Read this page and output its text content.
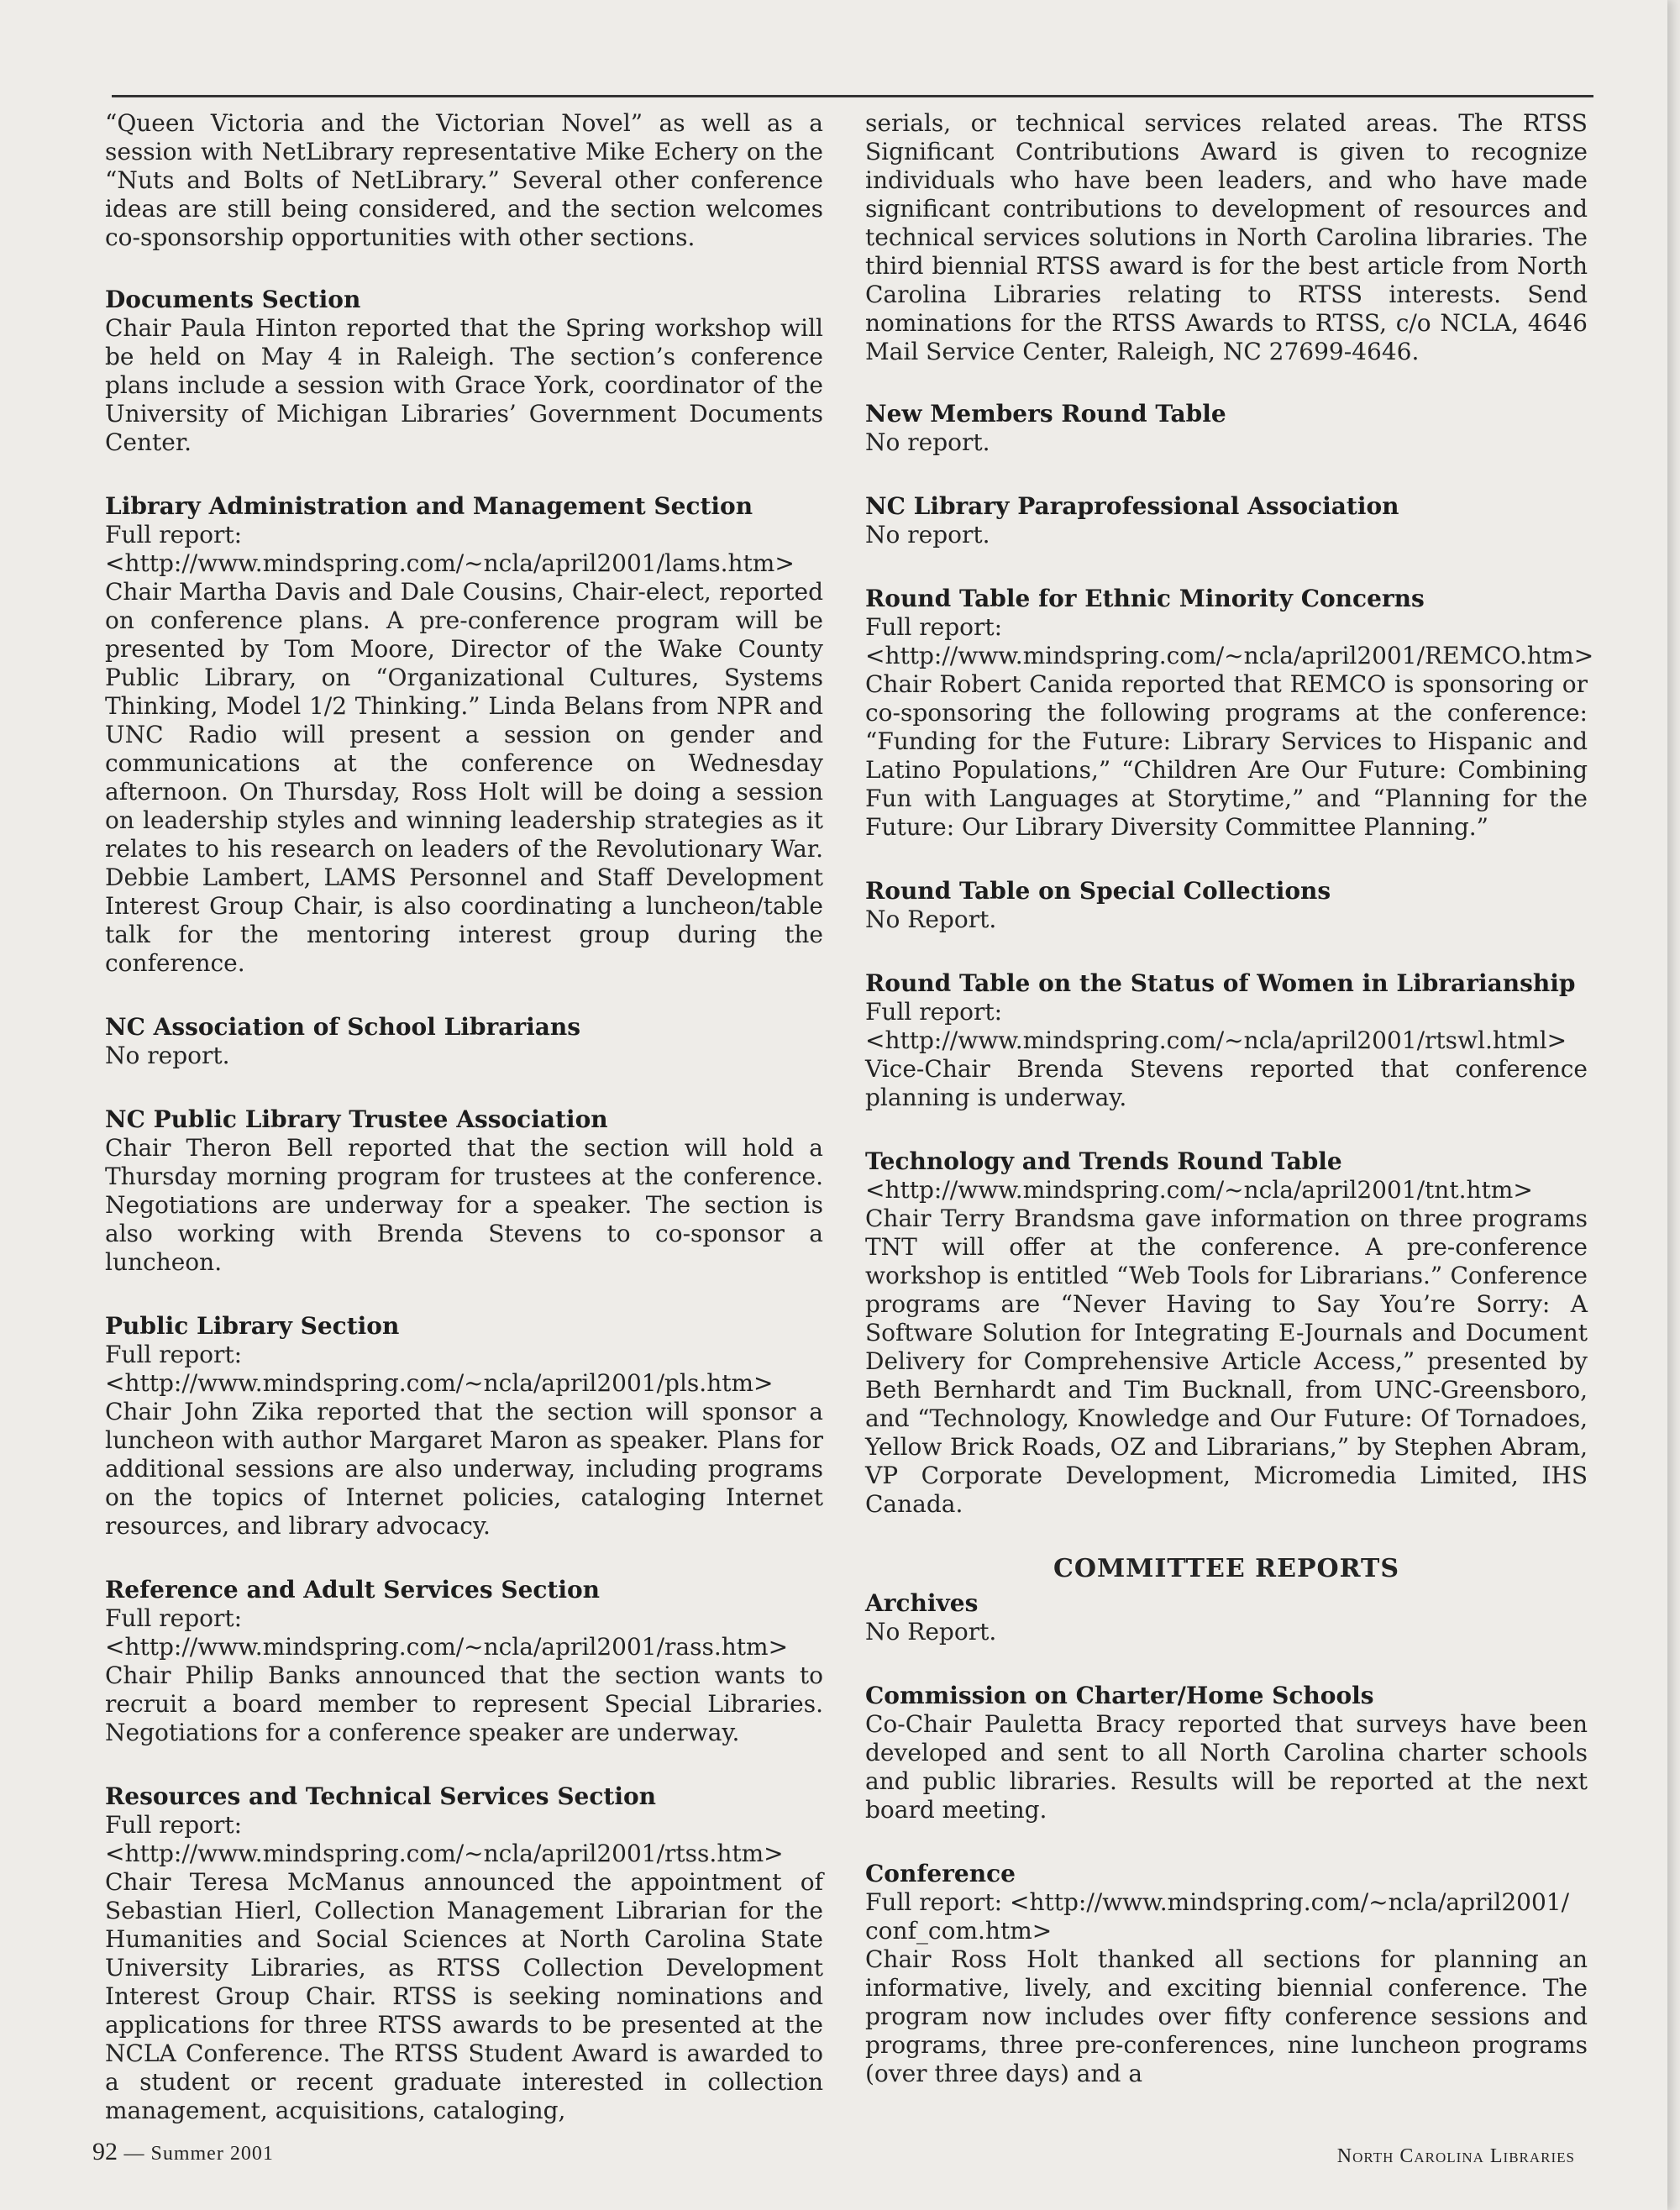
“Queen Victoria and the Victorian Novel” as well as a session with NetLibrary representative Mike Echery on the “Nuts and Bolts of NetLibrary.” Several other conference ideas are still being considered, and the section welcomes co-sponsorship opportunities with other sections.

Documents Section

Chair Paula Hinton reported that the Spring workshop will be held on May 4 in Raleigh. The section’s conference plans include a session with Grace York, coordinator of the University of Michigan Libraries’ Government Documents Center.

Library Administration and Management Section

Full report:

<http://www.mindspring.com/~ncla/april2001/lams.htm>

Chair Martha Davis and Dale Cousins, Chair-elect, reported on conference plans. A pre-conference program will be presented by Tom Moore, Director of the Wake County Public Library, on “Organizational Cultures, Systems Thinking, Model 1/2 Thinking.” Linda Belans from NPR and UNC Radio will present a session on gender and communications at the conference on Wednesday afternoon. On Thursday, Ross Holt will be doing a session on leadership styles and winning leadership strategies as it relates to his research on leaders of the Revolutionary War. Debbie Lambert, LAMS Personnel and Staff Development Interest Group Chair, is also coordinating a luncheon/table talk for the mentoring interest group during the conference.

NC Association of School Librarians

No report.

NC Public Library Trustee Association

Chair Theron Bell reported that the section will hold a Thursday morning program for trustees at the conference. Negotiations are underway for a speaker. The section is also working with Brenda Stevens to co-sponsor a luncheon.

Public Library Section

Full report:

<http://www.mindspring.com/~ncla/april2001/pls.htm>

Chair John Zika reported that the section will sponsor a luncheon with author Margaret Maron as speaker. Plans for additional sessions are also underway, including programs on the topics of Internet policies, cataloging Internet resources, and library advocacy.

Reference and Adult Services Section

Full report:

<http://www.mindspring.com/~ncla/april2001/rass.htm>

Chair Philip Banks announced that the section wants to recruit a board member to represent Special Libraries. Negotiations for a conference speaker are underway.

Resources and Technical Services Section

Full report:

<http://www.mindspring.com/~ncla/april2001/rtss.htm>

Chair Teresa McManus announced the appointment of Sebastian Hierl, Collection Management Librarian for the Humanities and Social Sciences at North Carolina State University Libraries, as RTSS Collection Development Interest Group Chair. RTSS is seeking nominations and applications for three RTSS awards to be presented at the NCLA Conference. The RTSS Student Award is awarded to a student or recent graduate interested in collection management, acquisitions, cataloging,

serials, or technical services related areas. The RTSS Significant Contributions Award is given to recognize individuals who have been leaders, and who have made significant contributions to development of resources and technical services solutions in North Carolina libraries. The third biennial RTSS award is for the best article from North Carolina Libraries relating to RTSS interests. Send nominations for the RTSS Awards to RTSS, c/o NCLA, 4646 Mail Service Center, Raleigh, NC 27699-4646.

New Members Round Table

No report.

NC Library Paraprofessional Association

No report.

Round Table for Ethnic Minority Concerns

Full report:

<http://www.mindspring.com/~ncla/april2001/REMCO.htm>

Chair Robert Canida reported that REMCO is sponsoring or co-sponsoring the following programs at the conference: “Funding for the Future: Library Services to Hispanic and Latino Populations,” “Children Are Our Future: Combining Fun with Languages at Storytime,” and “Planning for the Future: Our Library Diversity Committee Planning.”

Round Table on Special Collections

No Report.

Round Table on the Status of Women in Librarianship

Full report:

<http://www.mindspring.com/~ncla/april2001/rtswl.html>

Vice-Chair Brenda Stevens reported that conference planning is underway.

Technology and Trends Round Table

<http://www.mindspring.com/~ncla/april2001/tnt.htm>

Chair Terry Brandsma gave information on three programs TNT will offer at the conference. A pre-conference workshop is entitled “Web Tools for Librarians.” Conference programs are “Never Having to Say You’re Sorry: A Software Solution for Integrating E-Journals and Document Delivery for Comprehensive Article Access,” presented by Beth Bernhardt and Tim Bucknall, from UNC-Greensboro, and “Technology, Knowledge and Our Future: Of Tornadoes, Yellow Brick Roads, OZ and Librarians,” by Stephen Abram, VP Corporate Development, Micromedia Limited, IHS Canada.

COMMITTEE REPORTS
Archives

No Report.

Commission on Charter/Home Schools

Co-Chair Pauletta Bracy reported that surveys have been developed and sent to all North Carolina charter schools and public libraries. Results will be reported at the next board meeting.

Conference

Full report: <http://www.mindspring.com/~ncla/april2001/

conf_com.htm>

Chair Ross Holt thanked all sections for planning an informative, lively, and exciting biennial conference. The program now includes over fifty conference sessions and programs, three pre-conferences, nine luncheon programs (over three days) and a

92 — Summer 2001	North Carolina Libraries
